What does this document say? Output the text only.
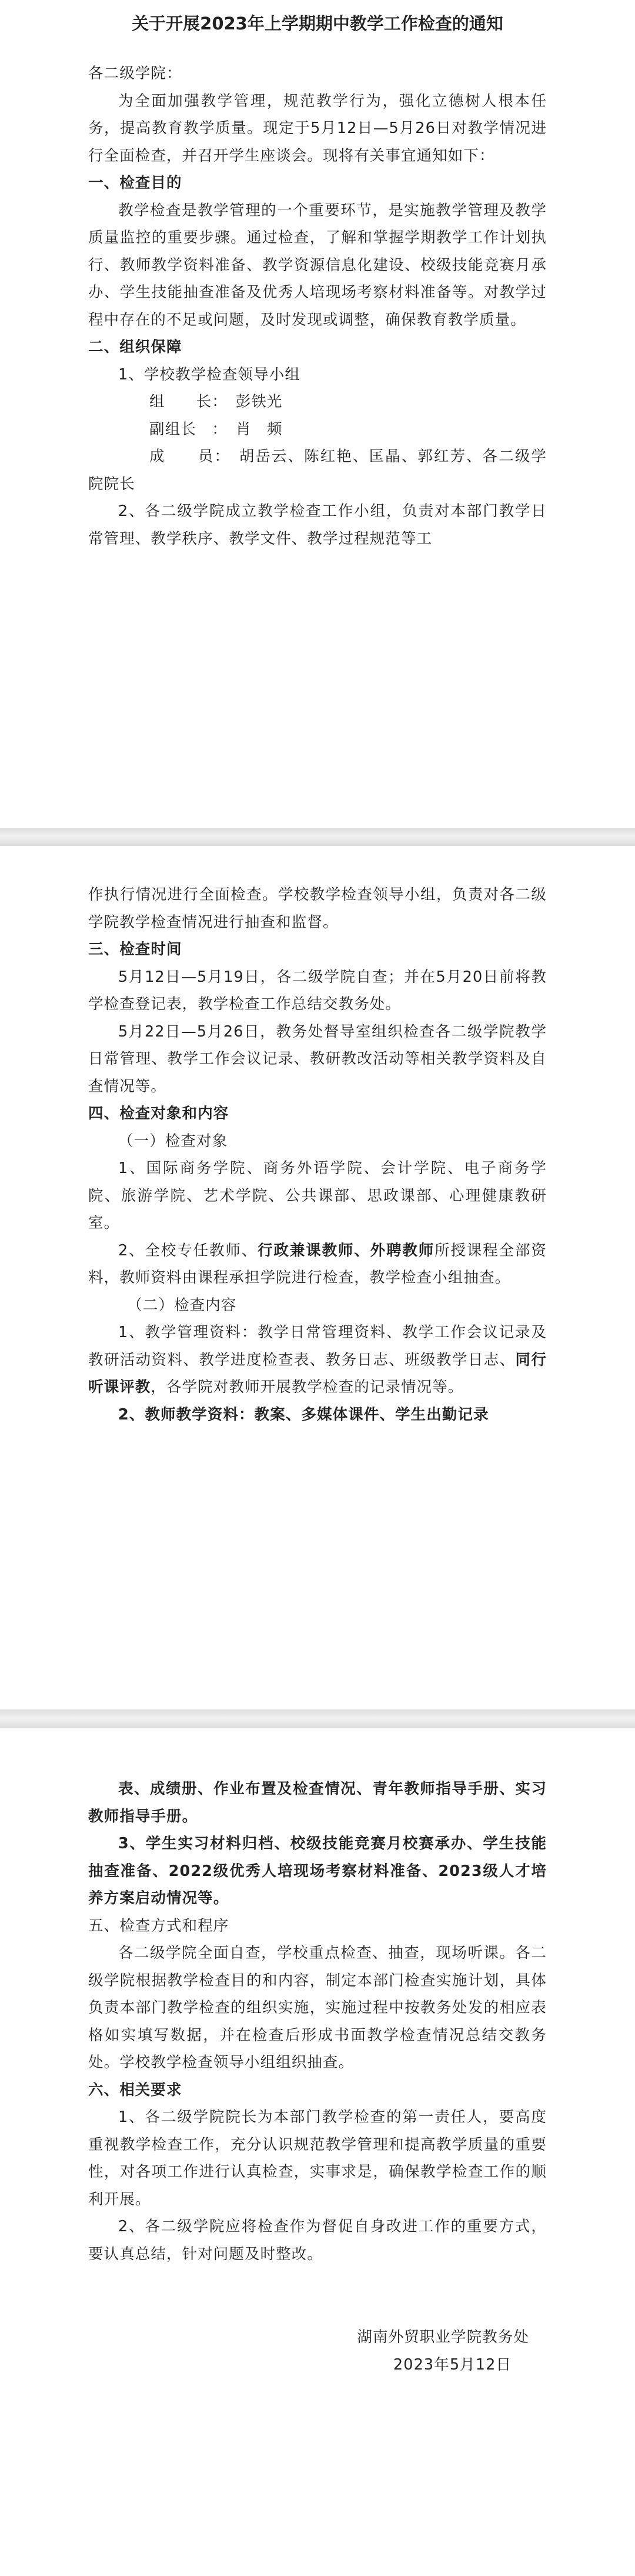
关于开展2023年上学期期中教学工作检查的通知

各二级学院：

为全面加强教学管理，规范教学行为，强化立德树人根本任务，提高教育教学质量。现定于5月12日—5月26日对教学情况进行全面检查，并召开学生座谈会。现将有关事宜通知如下：

一、检查目的

教学检查是教学管理的一个重要环节，是实施教学管理及教学质量监控的重要步骤。通过检查，了解和掌握学期教学工作计划执行、教师教学资料准备、教学资源信息化建设、校级技能竞赛月承办、学生技能抽查准备及优秀人培现场考察材料准备等。对教学过程中存在的不足或问题，及时发现或调整，确保教育教学质量。

二、组织保障

1、学校教学检查领导小组

组　　长：　彭铁光

副组长　：　肖　频

成　　员：　胡岳云、陈红艳、匡晶、郭红芳、各二级学院院长

2、各二级学院成立教学检查工作小组，负责对本部门教学日常管理、教学秩序、教学文件、教学过程规范等工

作执行情况进行全面检查。学校教学检查领导小组，负责对各二级学院教学检查情况进行抽查和监督。

三、检查时间

5月12日—5月19日，各二级学院自查；并在5月20日前将教学检查登记表，教学检查工作总结交教务处。

5月22日—5月26日，教务处督导室组织检查各二级学院教学日常管理、教学工作会议记录、教研教改活动等相关教学资料及自查情况等。

四、检查对象和内容

（一）检查对象

1、国际商务学院、商务外语学院、会计学院、电子商务学院、旅游学院、艺术学院、公共课部、思政课部、心理健康教研室。

2、全校专任教师、行政兼课教师、外聘教师所授课程全部资料，教师资料由课程承担学院进行检查，教学检查小组抽查。

（二）检查内容

1、教学管理资料：教学日常管理资料、教学工作会议记录及教研活动资料、教学进度检查表、教务日志、班级教学日志、同行听课评教，各学院对教师开展教学检查的记录情况等。

2、教师教学资料：教案、多媒体课件、学生出勤记录

表、成绩册、作业布置及检查情况、青年教师指导手册、实习教师指导手册。

3、学生实习材料归档、校级技能竞赛月校赛承办、学生技能抽查准备、2022级优秀人培现场考察材料准备、2023级人才培养方案启动情况等。

五、检查方式和程序

各二级学院全面自查，学校重点检查、抽查，现场听课。各二级学院根据教学检查目的和内容，制定本部门检查实施计划，具体负责本部门教学检查的组织实施，实施过程中按教务处发的相应表格如实填写数据，并在检查后形成书面教学检查情况总结交教务处。学校教学检查领导小组组织抽查。

六、相关要求

1、各二级学院院长为本部门教学检查的第一责任人，要高度重视教学检查工作，充分认识规范教学管理和提高教学质量的重要性，对各项工作进行认真检查，实事求是，确保教学检查工作的顺利开展。

2、各二级学院应将检查作为督促自身改进工作的重要方式，要认真总结，针对问题及时整改。

湖南外贸职业学院教务处

2023年5月12日
